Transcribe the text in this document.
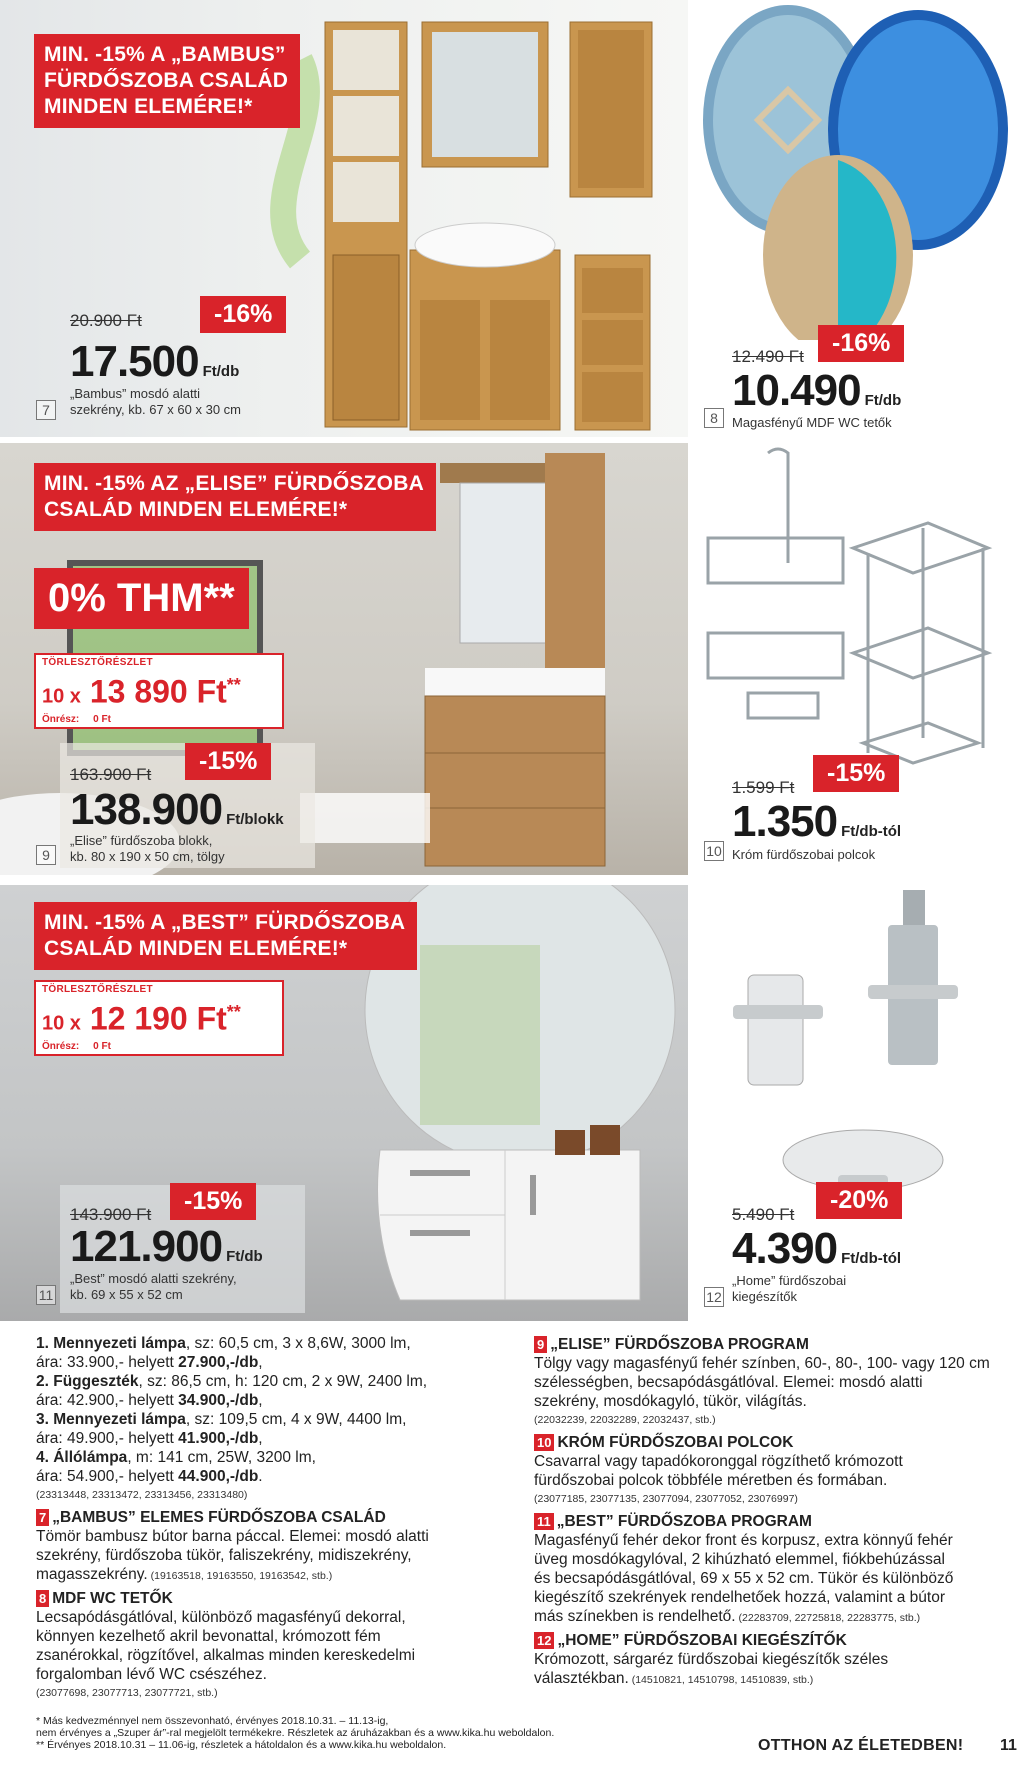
MIN. -15% A „BAMBUS”
FÜRDŐSZOBA CSALÁD
MINDEN ELEMÉRE!*
20.900 Ft	-16%
17.500 Ft/db
„Bambus” mosdó alatti
szekrény, kb. 67 x 60 x 30 cm
7
12.490 Ft	-16%
10.490 Ft/db
Magasfényű MDF WC tetők
8
MIN. -15% AZ „ELISE” FÜRDŐSZOBA
CSALÁD MINDEN ELEMÉRE!*
0% THM**
TÖRLESZTŐRÉSZLET
10 x 13 890 Ft**
Önrész: 0 Ft
163.900 Ft	-15%
138.900 Ft/blokk
„Elise” fürdőszoba blokk,
kb. 80 x 190 x 50 cm, tölgy
9
1.599 Ft
-15%
1.350 Ft/db-tól
Króm fürdőszobai polcok
10
MIN. -15% A „BEST” FÜRDŐSZOBA
CSALÁD MINDEN ELEMÉRE!*
TÖRLESZTŐRÉSZLET
10 x 12 190 Ft**
Önrész: 0 Ft
143.900 Ft	-15%
121.900 Ft/db
„Best” mosdó alatti szekrény,
kb. 69 x 55 x 52 cm
11
5.490 Ft
-20%
4.390 Ft/db-tól
„Home” fürdőszobai
kiegészítők
12
1. Mennyezeti lámpa, sz: 60,5 cm, 3 x 8,6W, 3000 lm,
ára: 33.900,- helyett 27.900,-/db,
2. Függeszték, sz: 86,5 cm, h: 120 cm, 2 x 9W, 2400 lm,
ára: 42.900,- helyett 34.900,-/db,
3. Mennyezeti lámpa, sz: 109,5 cm, 4 x 9W, 4400 lm,
ára: 49.900,- helyett 41.900,-/db,
4. Állólámpa, m: 141 cm, 25W, 3200 lm,
ára: 54.900,- helyett 44.900,-/db.
(23313448, 23313472, 23313456, 23313480)
7 „BAMBUS” ELEMES FÜRDŐSZOBA CSALÁD
Tömör bambusz bútor barna páccal. Elemei: mosdó alatti
szekrény, fürdőszoba tükör, faliszekrény, midiszekrény,
magasszekrény. (19163518, 19163550, 19163542, stb.)
8 MDF WC TETŐK
Lecsapódásgátlóval, különböző magasfényű dekorral,
könnyen kezelhető akril bevonattal, krómozott fém
zsanérokkal, rögzítővel, alkalmas minden kereskedelmi
forgalomban lévő WC csészéhez.
(23077698, 23077713, 23077721, stb.)
9 „ELISE” FÜRDŐSZOBA PROGRAM
Tölgy vagy magasfényű fehér színben, 60-, 80-, 100- vagy 120 cm
szélességben, becsapódásgátlóval. Elemei: mosdó alatti
szekrény, mosdókagyló, tükör, világítás.
(22032239, 22032289, 22032437, stb.)
10 KRÓM FÜRDŐSZOBAI POLCOK
Csavarral vagy tapadókoronggal rögzíthető krómozott
fürdőszobai polcok többféle méretben és formában.
(23077185, 23077135, 23077094, 23077052, 23076997)
11 „BEST” FÜRDŐSZOBA PROGRAM
Magasfényű fehér dekor front és korpusz, extra könnyű fehér
üveg mosdókagylóval, 2 kihúzható elemmel, fiókbehúzással
és becsapódásgátlóval, 69 x 55 x 52 cm. Tükör és különböző
kiegészítő szekrények rendelhetőek hozzá, valamint a bútor
más színekben is rendelhető. (22283709, 22725818, 22283775, stb.)
12 „HOME” FÜRDŐSZOBAI KIEGÉSZÍTŐK
Krómozott, sárgaréz fürdőszobai kiegészítők széles
választékban. (14510821, 14510798, 14510839, stb.)
* Más kedvezménnyel nem összevonható, érvényes 2018.10.31. – 11.13-ig,
nem érvényes a „Szuper ár”-ral megjelölt termékekre. Részletek az áruházakban és a www.kika.hu weboldalon.
** Érvényes 2018.10.31 – 11.06-ig, részletek a hátoldalon és a www.kika.hu weboldalon.	OTTHON AZ ÉLETEDBEN! 11
